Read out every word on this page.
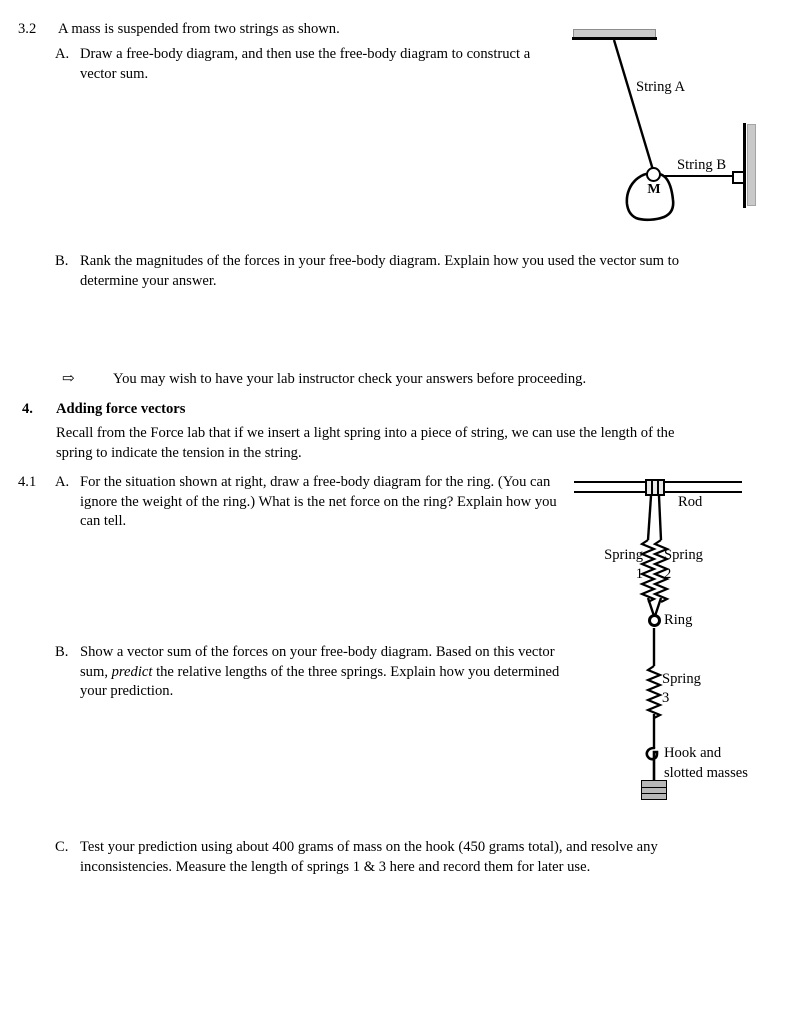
3.2 A mass is suspended from two strings as shown.
A. Draw a free-body diagram, and then use the free-body diagram to construct a vector sum.
B. Rank the magnitudes of the forces in your free-body diagram. Explain how you used the vector sum to determine your answer.
⇨	You may wish to have your lab instructor check your answers before proceeding.
4. Adding force vectors
Recall from the Force lab that if we insert a light spring into a piece of string, we can use the length of the spring to indicate the tension in the string.
4.1 A. For the situation shown at right, draw a free-body diagram for the ring. (You can ignore the weight of the ring.) What is the net force on the ring? Explain how you can tell.
B. Show a vector sum of the forces on your free-body diagram. Based on this vector sum, predict the relative lengths of the three springs. Explain how you determined your prediction.
C. Test your prediction using about 400 grams of mass on the hook (450 grams total), and resolve any inconsistencies. Measure the length of springs 1 & 3 here and record them for later use.
String A
String B
M
Rod
Spring
1
Spring
2
Ring
Spring
3
Hook and
slotted masses
